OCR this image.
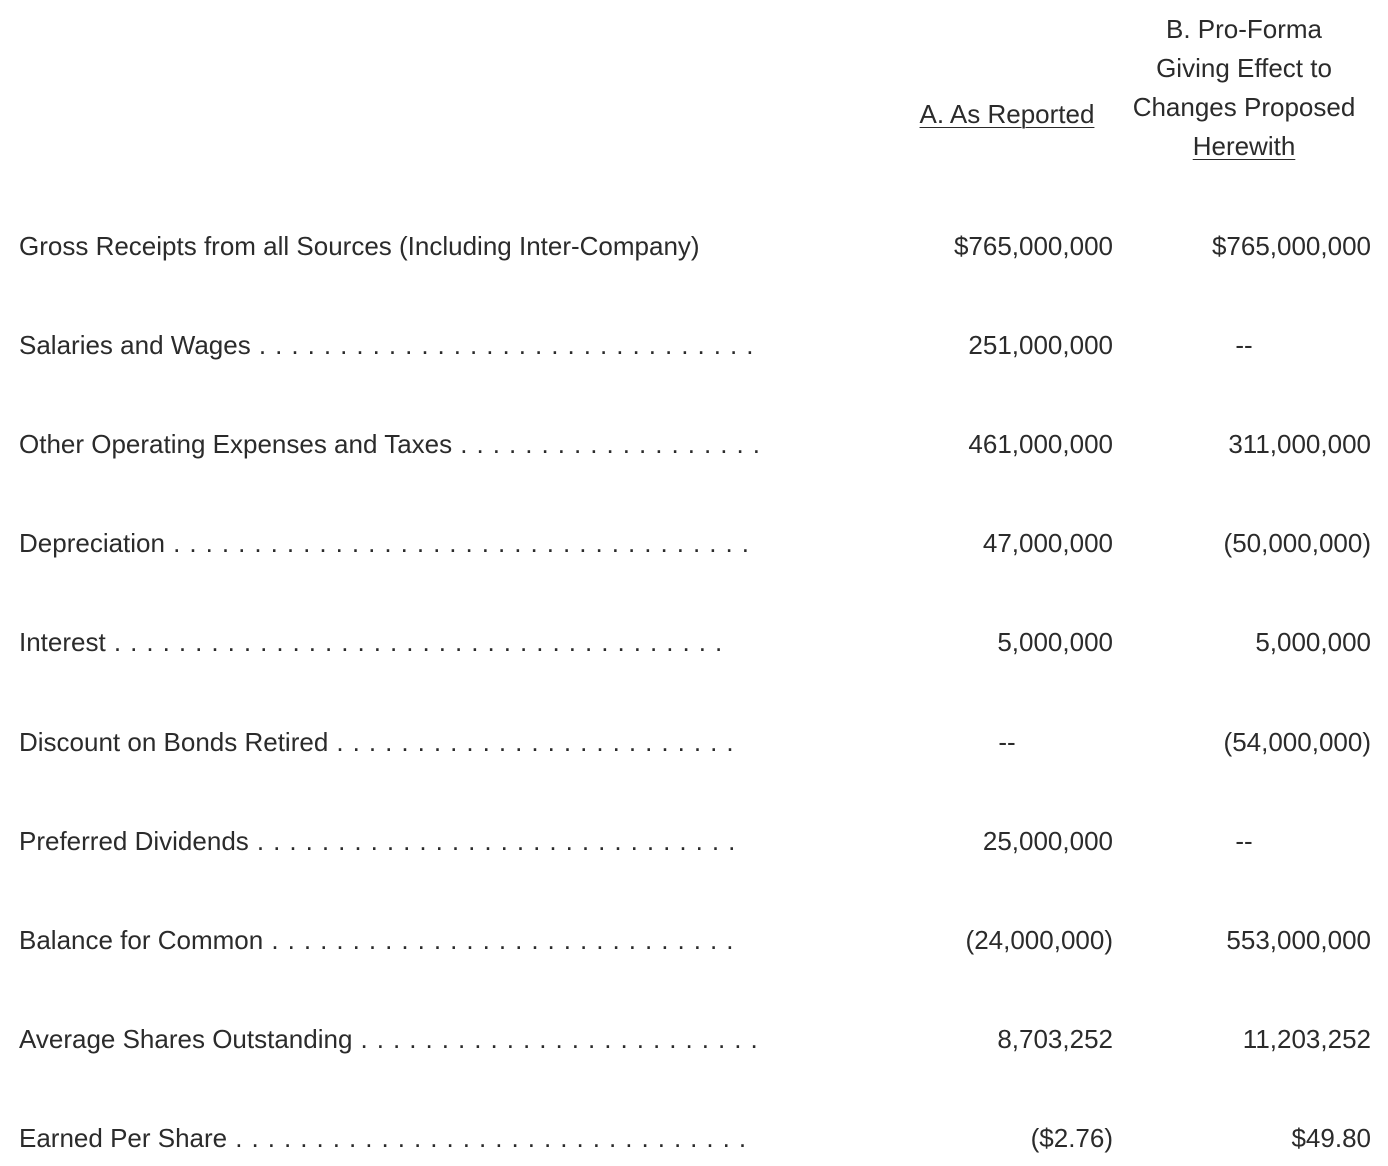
A. As Reported
B. Pro-Forma
Giving Effect to
Changes Proposed
Herewith
Gross Receipts from all Sources (Including Inter-Company)	$765,000,000	$765,000,000
Salaries and Wages . . . . . . . . . . . . . . . . . . . . . . . . . . . . . . .	251,000,000	--
Other Operating Expenses and Taxes . . . . . . . . . . . . . . . . . . .	461,000,000	311,000,000
Depreciation . . . . . . . . . . . . . . . . . . . . . . . . . . . . . . . . . . . .	47,000,000	(50,000,000)
Interest . . . . . . . . . . . . . . . . . . . . . . . . . . . . . . . . . . . . . .	5,000,000	5,000,000
Discount on Bonds Retired . . . . . . . . . . . . . . . . . . . . . . . . .	--	(54,000,000)
Preferred Dividends . . . . . . . . . . . . . . . . . . . . . . . . . . . . . .	25,000,000	--
Balance for Common . . . . . . . . . . . . . . . . . . . . . . . . . . . . .	(24,000,000)	553,000,000
Average Shares Outstanding . . . . . . . . . . . . . . . . . . . . . . . . .	8,703,252	11,203,252
Earned Per Share . . . . . . . . . . . . . . . . . . . . . . . . . . . . . . . .	($2.76)	$49.80
